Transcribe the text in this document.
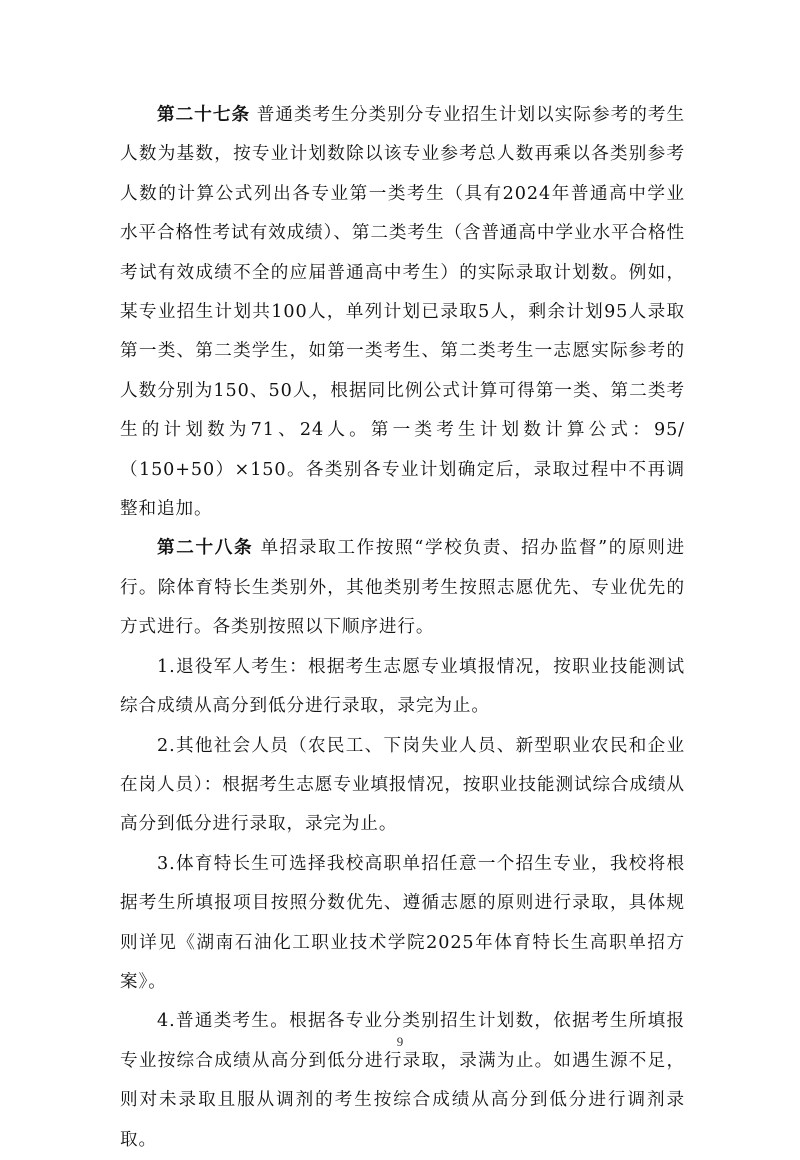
第二十七条 普通类考生分类别分专业招生计划以实际参考的考生人数为基数，按专业计划数除以该专业参考总人数再乘以各类别参考人数的计算公式列出各专业第一类考生（具有2024年普通高中学业水平合格性考试有效成绩）、第二类考生（含普通高中学业水平合格性考试有效成绩不全的应届普通高中考生）的实际录取计划数。例如，某专业招生计划共100人，单列计划已录取5人，剩余计划95人录取第一类、第二类学生，如第一类考生、第二类考生一志愿实际参考的人数分别为150、50人，根据同比例公式计算可得第一类、第二类考生的计划数为71、24人。第一类考生计划数计算公式：95/（150+50）×150。各类别各专业计划确定后，录取过程中不再调整和追加。

第二十八条 单招录取工作按照“学校负责、招办监督”的原则进行。除体育特长生类别外，其他类别考生按照志愿优先、专业优先的方式进行。各类别按照以下顺序进行。

1.退役军人考生：根据考生志愿专业填报情况，按职业技能测试综合成绩从高分到低分进行录取，录完为止。

2.其他社会人员（农民工、下岗失业人员、新型职业农民和企业在岗人员）：根据考生志愿专业填报情况，按职业技能测试综合成绩从高分到低分进行录取，录完为止。

3.体育特长生可选择我校高职单招任意一个招生专业，我校将根据考生所填报项目按照分数优先、遵循志愿的原则进行录取，具体规则详见《湖南石油化工职业技术学院2025年体育特长生高职单招方案》。

4.普通类考生。根据各专业分类别招生计划数，依据考生所填报专业按综合成绩从高分到低分进行录取，录满为止。如遇生源不足，则对未录取且服从调剂的考生按综合成绩从高分到低分进行调剂录取。

9
